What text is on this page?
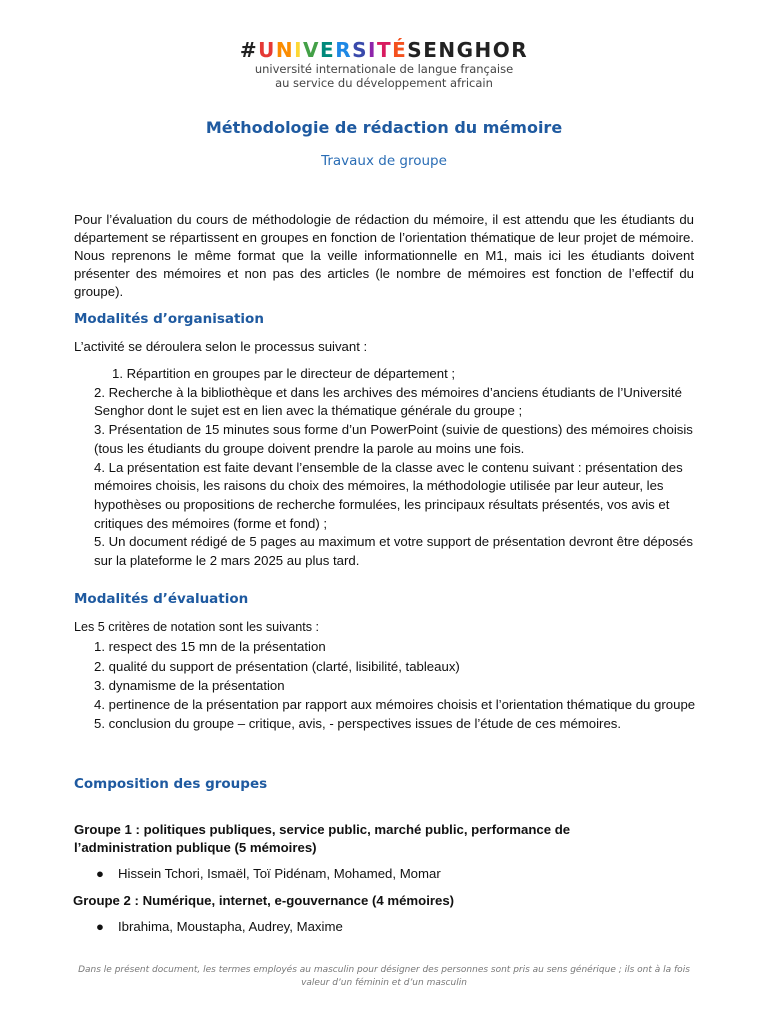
#UNIVERSITÉSENGHOR
université internationale de langue française
au service du développement africain
Méthodologie de rédaction du mémoire
Travaux de groupe
Pour l’évaluation du cours de méthodologie de rédaction du mémoire, il est attendu que les étudiants du département se répartissent en groupes en fonction de l’orientation thématique de leur projet de mémoire. Nous reprenons le même format que la veille informationnelle en M1, mais ici les étudiants doivent présenter des mémoires et non pas des articles (le nombre de mémoires est fonction de l’effectif du groupe).
Modalités d’organisation
L’activité se déroulera selon le processus suivant :
1. Répartition en groupes par le directeur de département ;
2. Recherche à la bibliothèque et dans les archives des mémoires d’anciens étudiants de l’Université Senghor dont le sujet est en lien avec la thématique générale du groupe ;
3. Présentation de 15 minutes sous forme d’un PowerPoint (suivie de questions) des mémoires choisis (tous les étudiants du groupe doivent prendre la parole au moins une fois.
4. La présentation est faite devant l’ensemble de la classe avec le contenu suivant : présentation des mémoires choisis, les raisons du choix des mémoires, la méthodologie utilisée par leur auteur, les hypothèses ou propositions de recherche formulées, les principaux résultats présentés, vos avis et critiques des mémoires (forme et fond) ;
5. Un document rédigé de 5 pages au maximum et votre support de présentation devront être déposés sur la plateforme le 2 mars 2025 au plus tard.
Modalités d’évaluation
Les 5 critères de notation sont les suivants :
1. respect des 15 mn de la présentation
2. qualité du support de présentation (clarté, lisibilité, tableaux)
3. dynamisme de la présentation
4. pertinence de la présentation par rapport aux mémoires choisis et l’orientation thématique du groupe
5. conclusion du groupe – critique, avis, - perspectives issues de l’étude de ces mémoires.
Composition des groupes
Groupe 1 : politiques publiques, service public, marché public, performance de l’administration publique (5 mémoires)
● Hissein Tchori, Ismaël, Toï Pidénam, Mohamed, Momar
Groupe 2 : Numérique, internet, e-gouvernance (4 mémoires)
● Ibrahima, Moustapha, Audrey, Maxime
Dans le présent document, les termes employés au masculin pour désigner des personnes sont pris au sens générique ; ils ont à la fois valeur d’un féminin et d’un masculin
